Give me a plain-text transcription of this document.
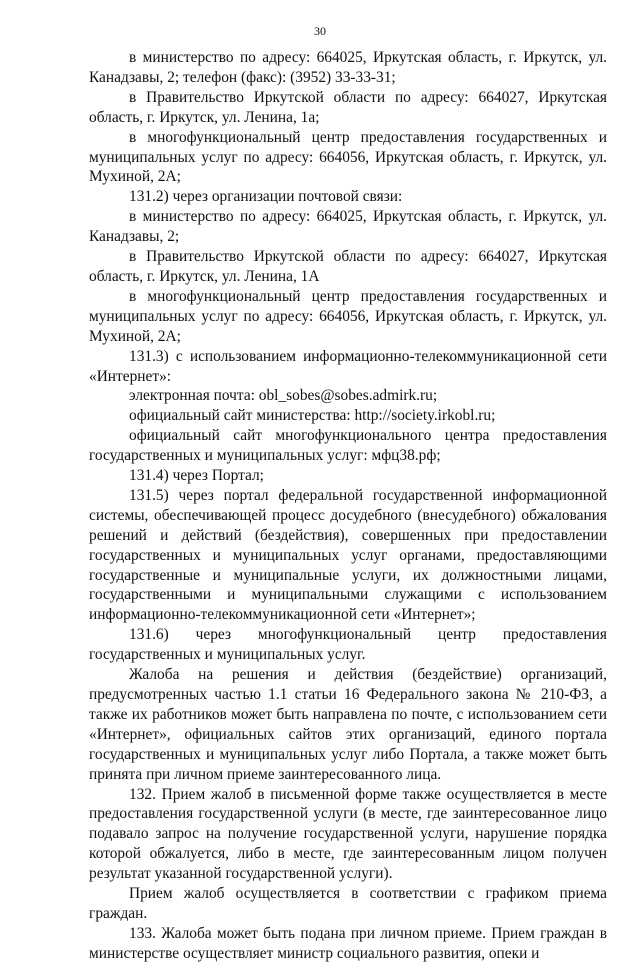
30

в министерство по адресу: 664025, Иркутская область, г. Иркутск, ул. Канадзавы, 2; телефон (факс): (3952) 33-33-31;

в Правительство Иркутской области по адресу: 664027, Иркутская область, г. Иркутск, ул. Ленина, 1а;

в многофункциональный центр предоставления государственных и муниципальных услуг по адресу: 664056, Иркутская область, г. Иркутск, ул. Мухиной, 2А;

131.2) через организации почтовой связи:

в министерство по адресу: 664025, Иркутская область, г. Иркутск, ул. Канадзавы, 2;

в Правительство Иркутской области по адресу: 664027, Иркутская область, г. Иркутск, ул. Ленина, 1А

в многофункциональный центр предоставления государственных и муниципальных услуг по адресу: 664056, Иркутская область, г. Иркутск, ул. Мухиной, 2А;

131.3) с использованием информационно-телекоммуникационной сети «Интернет»:

электронная почта: obl_sobes@sobes.admirk.ru;

официальный сайт министерства: http://society.irkobl.ru;

официальный сайт многофункционального центра предоставления государственных и муниципальных услуг: мфц38.рф;

131.4) через Портал;

131.5) через портал федеральной государственной информационной системы, обеспечивающей процесс досудебного (внесудебного) обжалования решений и действий (бездействия), совершенных при предоставлении государственных и муниципальных услуг органами, предоставляющими государственные и муниципальные услуги, их должностными лицами, государственными и муниципальными служащими с использованием информационно-телекоммуникационной сети «Интернет»;

131.6) через многофункциональный центр предоставления государственных и муниципальных услуг.

Жалоба на решения и действия (бездействие) организаций, предусмотренных частью 1.1 статьи 16 Федерального закона № 210-ФЗ, а также их работников может быть направлена по почте, с использованием сети «Интернет», официальных сайтов этих организаций, единого портала государственных и муниципальных услуг либо Портала, а также может быть принята при личном приеме заинтересованного лица.

132. Прием жалоб в письменной форме также осуществляется в месте предоставления государственной услуги (в месте, где заинтересованное лицо подавало запрос на получение государственной услуги, нарушение порядка которой обжалуется, либо в месте, где заинтересованным лицом получен результат указанной государственной услуги).

Прием жалоб осуществляется в соответствии с графиком приема граждан.

133. Жалоба может быть подана при личном приеме. Прием граждан в министерстве осуществляет министр социального развития, опеки и
